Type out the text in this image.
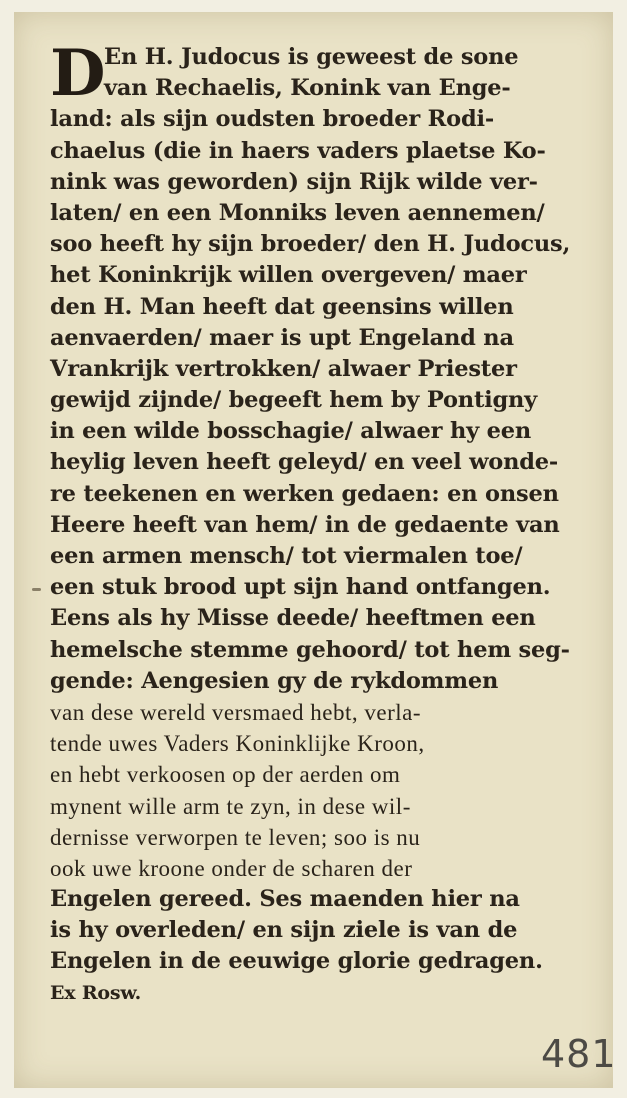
D
En H. Judocus is geweest de sone
van Rechaelis, Konink van Enge-
land: als sijn oudsten broeder Rodi-
chaelus (die in haers vaders plaetse Ko-
nink was geworden) sijn Rijk wilde ver-
laten/ en een Monniks leven aennemen/
soo heeft hy sijn broeder/ den H. Judocus,
het Koninkrijk willen overgeven/ maer
den H. Man heeft dat geensins willen
aenvaerden/ maer is upt Engeland na
Vrankrijk vertrokken/ alwaer Priester
gewijd zijnde/ begeeft hem by Pontigny
in een wilde bosschagie/ alwaer hy een
heylig leven heeft geleyd/ en veel wonde-
re teekenen en werken gedaen: en onsen
Heere heeft van hem/ in de gedaente van
een armen mensch/ tot viermalen toe/
een stuk brood upt sijn hand ontfangen.
Eens als hy Misse deede/ heeftmen een
hemelsche stemme gehoord/ tot hem seg-
gende: Aengesien gy de rykdommen
van dese wereld versmaed hebt, verla-
tende uwes Vaders Koninklijke Kroon,
en hebt verkoosen op der aerden om
mynent wille arm te zyn, in dese wil-
dernisse verworpen te leven; soo is nu
ook uwe kroone onder de scharen der
Engelen gereed. Ses maenden hier na
is hy overleden/ en sijn ziele is van de
Engelen in de eeuwige glorie gedragen.
Ex Rosw.
481
